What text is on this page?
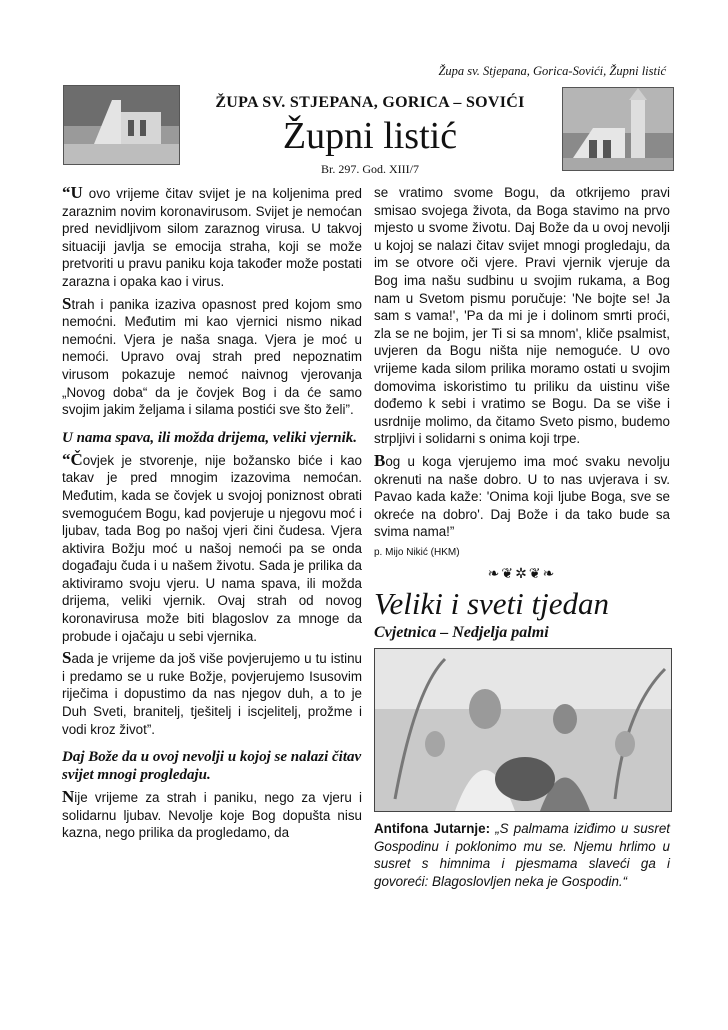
Župa sv. Stjepana, Gorica-Sovići, Župni listić
ŽUPA SV. STJEPANA, GORICA – SOVIĆI
Župni listić
Br. 297. God. XIII/7

“U ovo vrijeme čitav svijet je na koljenima pred zaraznim novim koronavirusom. Svijet je nemoćan pred nevidljivom silom zaraznog virusa. U takvoj situaciji javlja se emocija straha, koji se može pretvoriti u pravu paniku koja također može postati zarazna i opaka kao i virus.

Strah i panika izaziva opasnost pred kojom smo nemoćni. Međutim mi kao vjernici nismo nikad nemoćni. Vjera je naša snaga. Vjera je moć u nemoći. Upravo ovaj strah pred nepoznatim virusom pokazuje nemoć naivnog vjerovanja „Novog doba“ da je čovjek Bog i da će samo svojim jakim željama i silama postići sve što želi”.

U nama spava, ili možda drijema, veliki vjernik.

“Čovjek je stvorenje, nije božansko biće i kao takav je pred mnogim izazovima nemoćan. Međutim, kada se čovjek u svojoj poniznost obrati svemogućem Bogu, kad povjeruje u njegovu moć i ljubav, tada Bog po našoj vjeri čini čudesa. Vjera aktivira Božju moć u našoj nemoći pa se onda događaju čuda i u našem životu. Sada je prilika da aktiviramo svoju vjeru. U nama spava, ili možda drijema, veliki vjernik. Ovaj strah od novog koronavirusa može biti blagoslov za mnoge da probude i ojačaju u sebi vjernika.

Sada je vrijeme da još više povjerujemo u tu istinu i predamo se u ruke Božje, povjerujemo Isusovim riječima i dopustimo da nas njegov duh, a to je Duh Sveti, branitelj, tješitelj i iscjelitelj, prožme i vodi kroz život”.

Daj Bože da u ovoj nevolji u kojoj se nalazi čitav svijet mnogi progledaju.

Nije vrijeme za strah i paniku, nego za vjeru i solidarnu ljubav. Nevolje koje Bog dopušta nisu kazna, nego prilika da progledamo, da

se vratimo svome Bogu, da otkrijemo pravi smisao svojega života, da Boga stavimo na prvo mjesto u svome životu. Daj Bože da u ovoj nevolji u kojoj se nalazi čitav svijet mnogi progledaju, da im se otvore oči vjere. Pravi vjernik vjeruje da Bog ima našu sudbinu u svojim rukama, a Bog nam u Svetom pismu poručuje: 'Ne bojte se! Ja sam s vama!', 'Pa da mi je i dolinom smrti proći, zla se ne bojim, jer Ti si sa mnom', kliče psalmist, uvjeren da Bogu ništa nije nemoguće. U ovo vrijeme kada silom prilika moramo ostati u svojim domovima iskoristimo tu priliku da uistinu više dođemo k sebi i vratimo se Bogu. Da se više i usrdnije molimo, da čitamo Sveto pismo, budemo strpljivi i solidarni s onima koji trpe.

Bog u koga vjerujemo ima moć svaku nevolju okrenuti na naše dobro. U to nas uvjerava i sv. Pavao kada kaže: 'Onima koji ljube Boga, sve se okreće na dobro'. Daj Bože i da tako bude sa svima nama!”

p. Mijo Nikić (HKM)

❧❦✲❦❧

Veliki i sveti tjedan

Cvjetnica – Nedjelja palmi

Antifona Jutarnje: „S palmama iziđimo u susret Gospodinu i poklonimo mu se. Njemu hrlimo u susret s himnima i pjesmama slaveći ga i govoreći: Blagoslovljen neka je Gospodin.“
